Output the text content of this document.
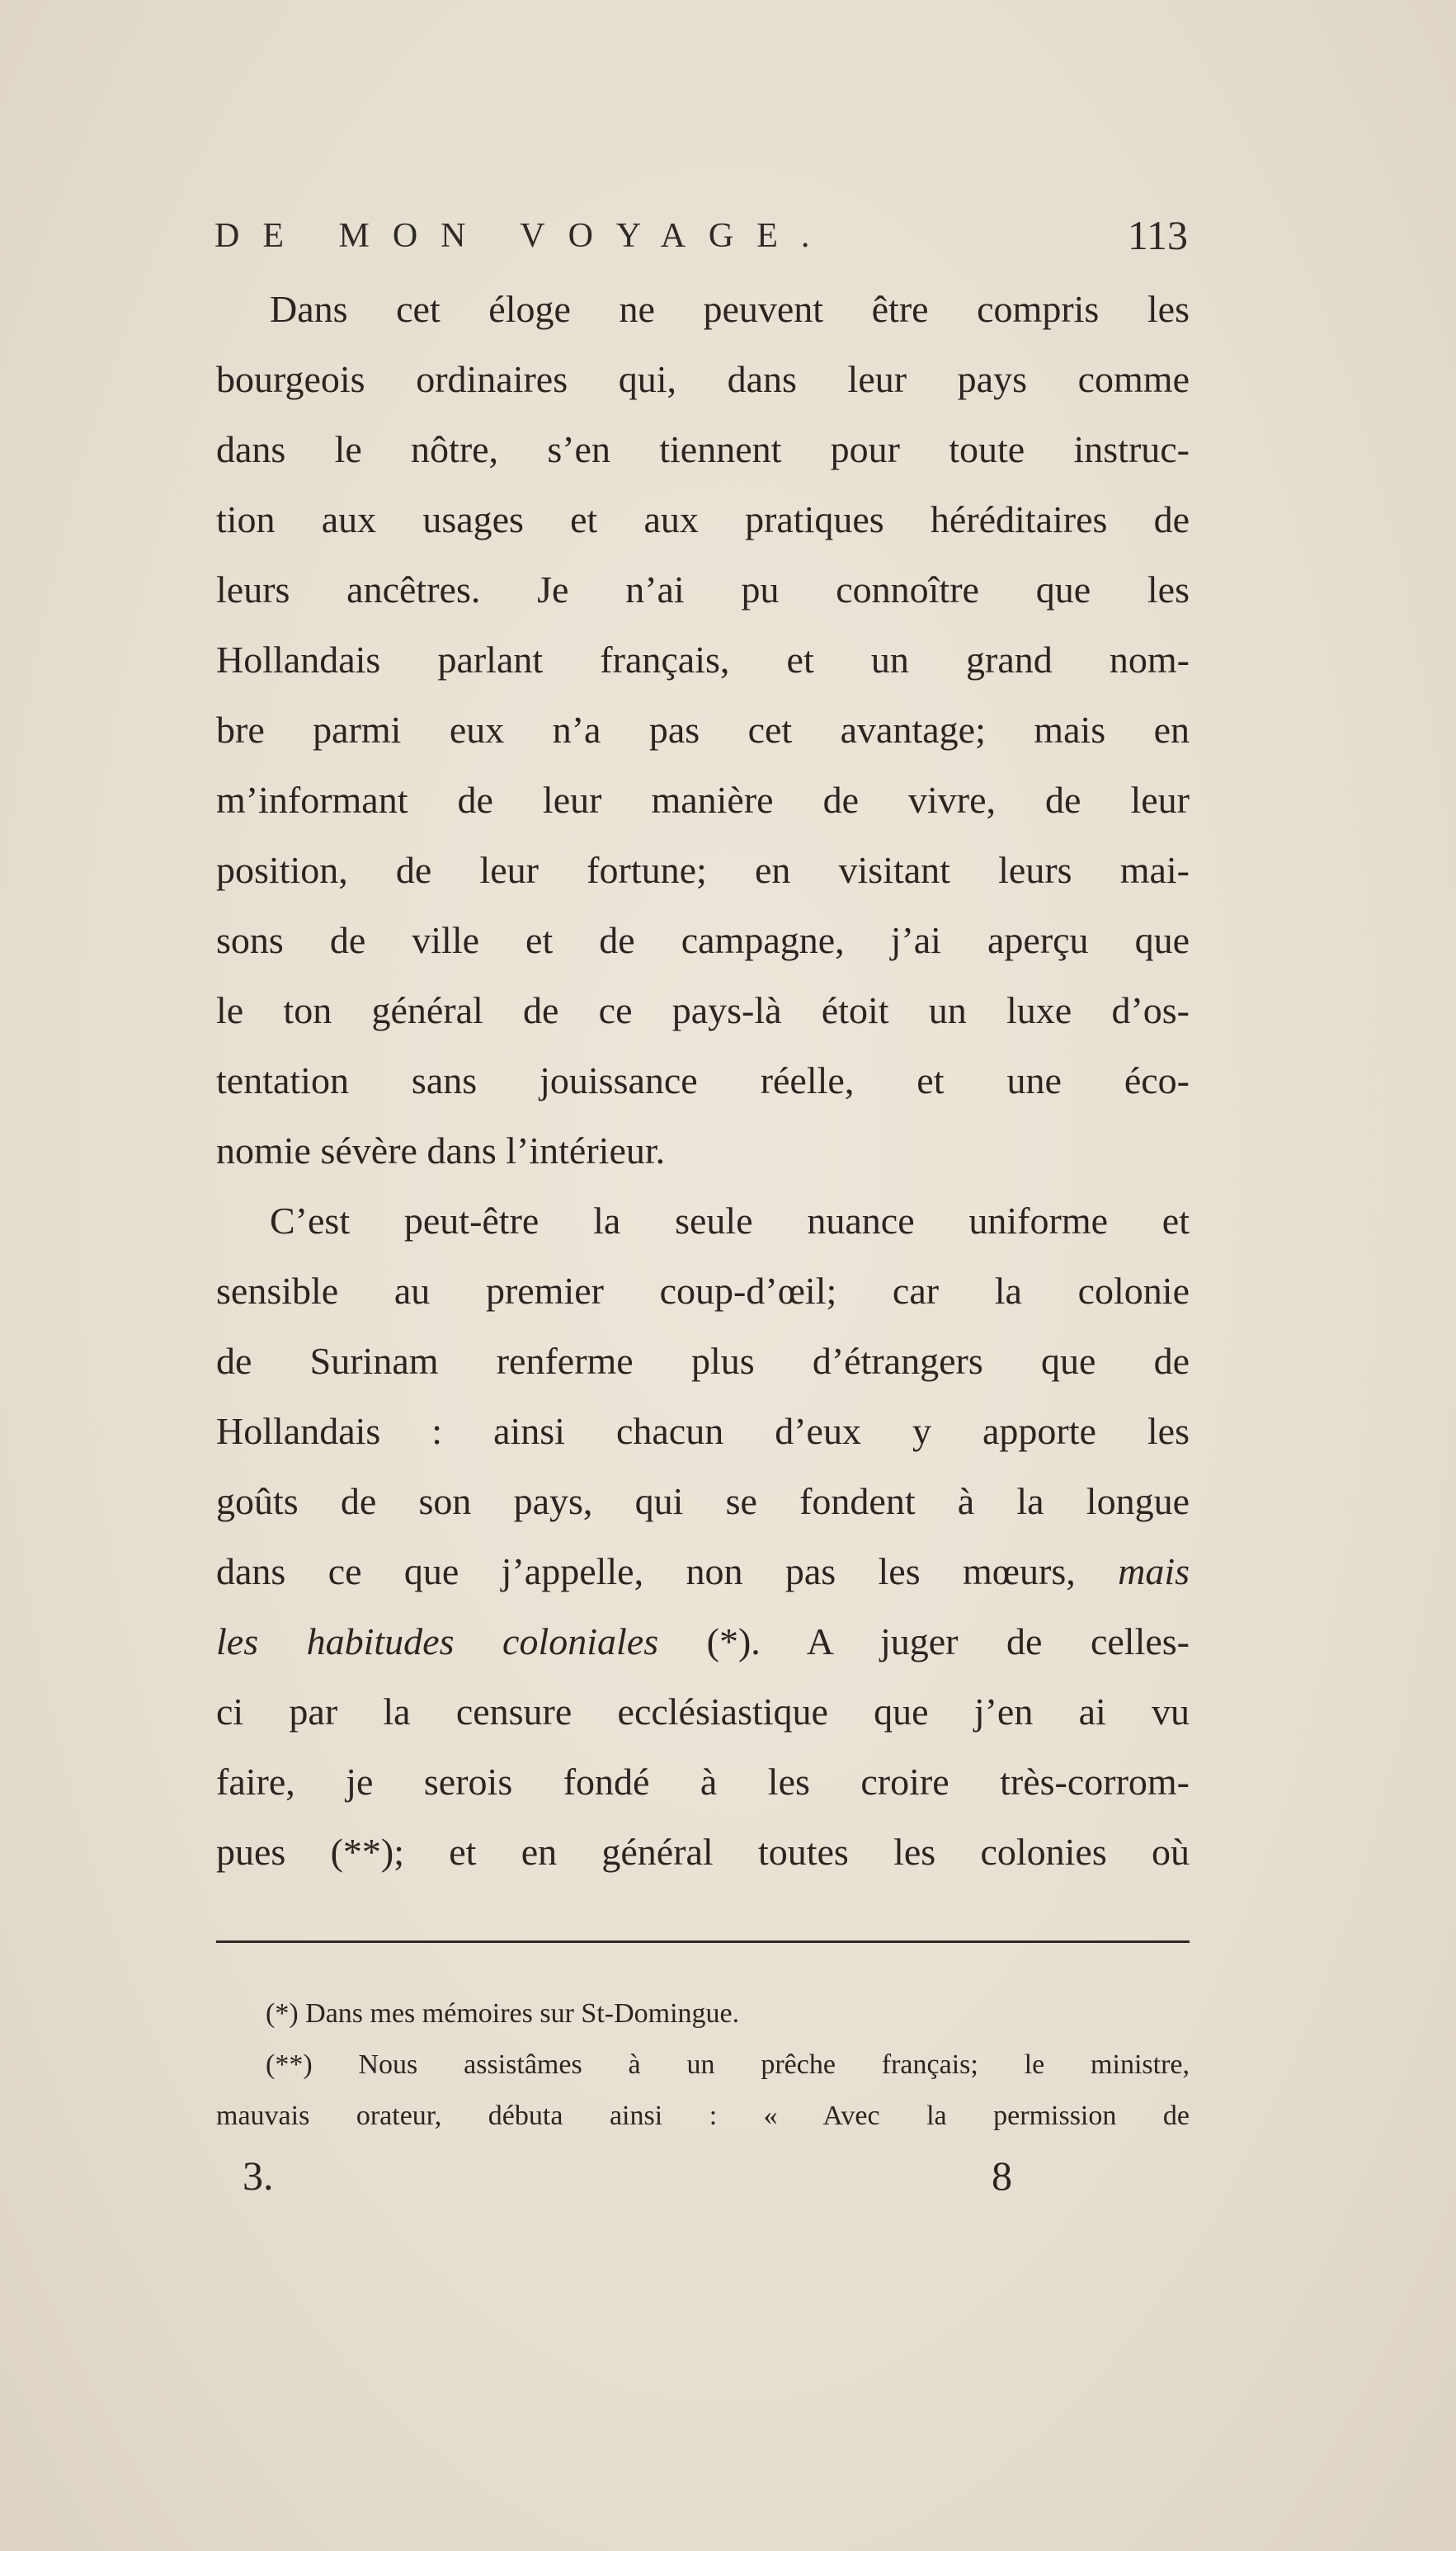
DE MON VOYAGE.	113
Dans cet éloge ne peuvent être compris les
bourgeois ordinaires qui, dans leur pays comme
dans le nôtre, s’en tiennent pour toute instruc-
tion aux usages et aux pratiques héréditaires de
leurs ancêtres. Je n’ai pu connoître que les
Hollandais parlant français, et un grand nom-
bre parmi eux n’a pas cet avantage; mais en
m’informant de leur manière de vivre, de leur
position, de leur fortune; en visitant leurs mai-
sons de ville et de campagne, j’ai aperçu que
le ton général de ce pays-là étoit un luxe d’os-
tentation sans jouissance réelle, et une éco-
nomie sévère dans l’intérieur.
C’est peut-être la seule nuance uniforme et
sensible au premier coup-d’œil; car la colonie
de Surinam renferme plus d’étrangers que de
Hollandais : ainsi chacun d’eux y apporte les
goûts de son pays, qui se fondent à la longue
dans ce que j’appelle, non pas les mœurs, mais
les habitudes coloniales (*). A juger de celles-
ci par la censure ecclésiastique que j’en ai vu
faire, je serois fondé à les croire très-corrom-
pues (**); et en général toutes les colonies où
(*) Dans mes mémoires sur St-Domingue.
(**) Nous assistâmes à un prêche français; le ministre,
mauvais orateur, débuta ainsi : « Avec la permission de
3.	8
